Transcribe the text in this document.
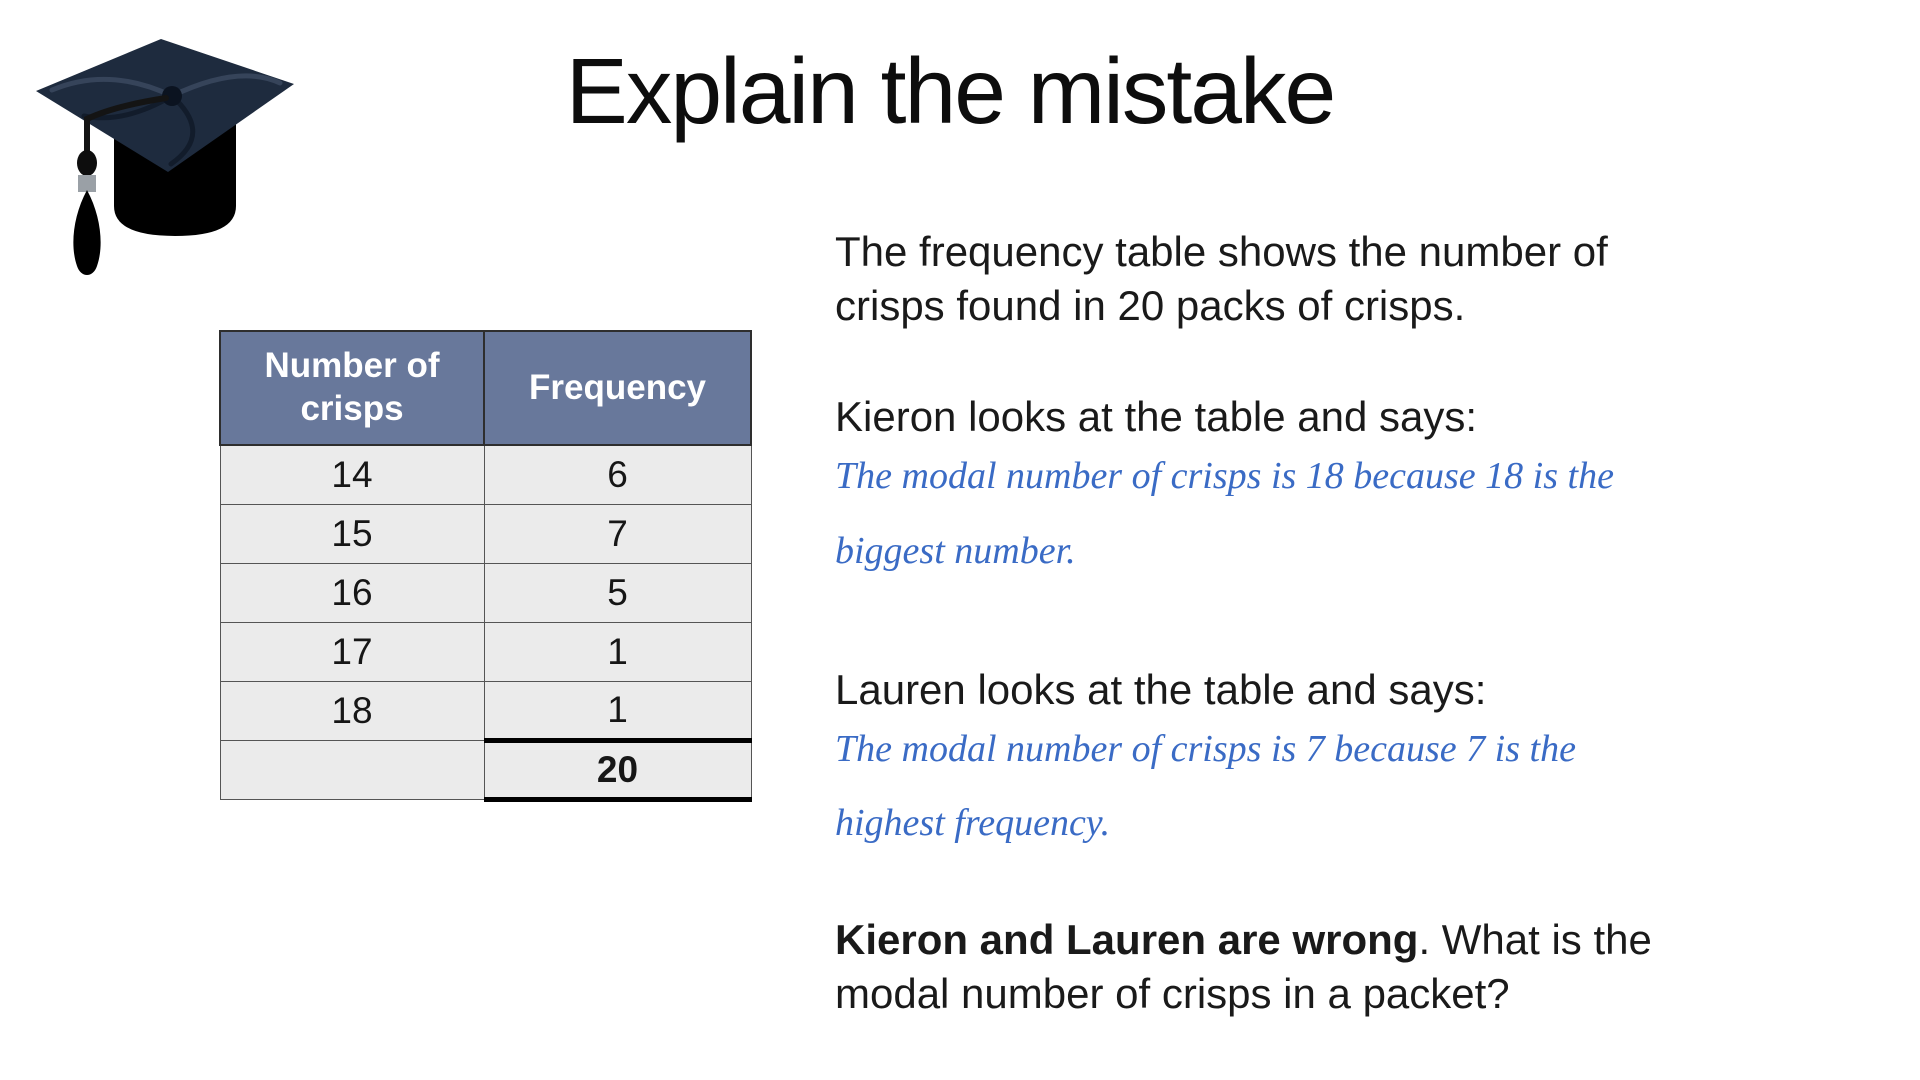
Explain the mistake
Number of crisps	Frequency
14	6
15	7
16	5
17	1
18	1
	20
The frequency table shows the number of
crisps found in 20 packs of crisps.
Kieron looks at the table and says:
The modal number of crisps is 18 because 18 is the
biggest number.
Lauren looks at the table and says:
The modal number of crisps is 7 because 7 is the
highest frequency.
Kieron and Lauren are wrong. What is the
modal number of crisps in a packet?
